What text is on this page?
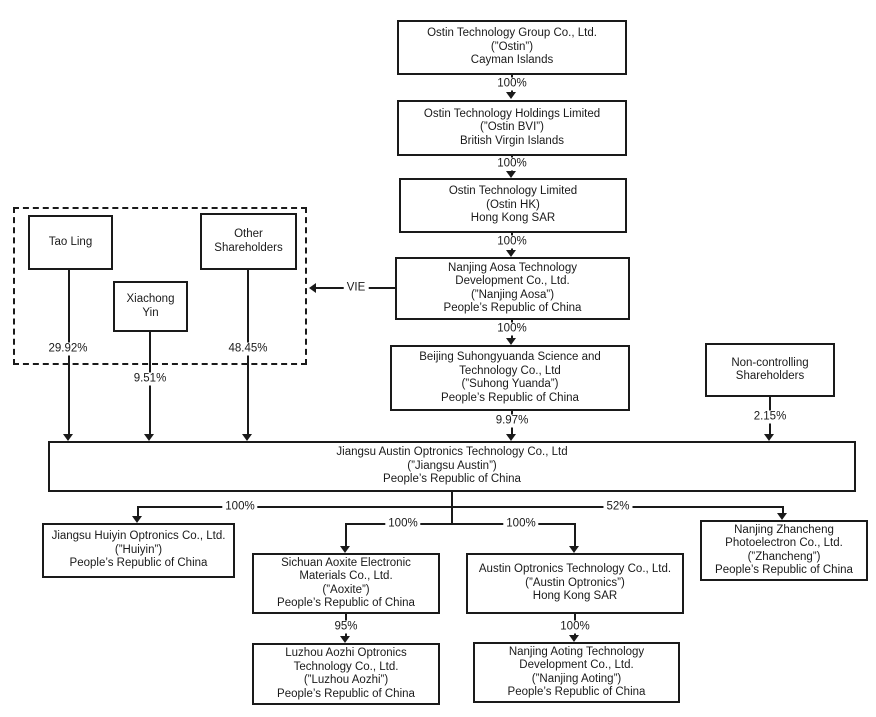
Ostin Technology Group Co., Ltd.
(”Ostin”)
Cayman Islands
Ostin Technology Holdings Limited
(”Ostin BVI”)
British Virgin Islands
Ostin Technology Limited
(Ostin HK)
Hong Kong SAR
Nanjing Aosa Technology
Development Co., Ltd.
(”Nanjing Aosa”)
People’s Republic of China
Beijing Suhongyuanda Science and
Technology Co., Ltd
(”Suhong Yuanda”)
People’s Republic of China
Tao Ling
Xiachong
Yin
Other
Shareholders
Non-controlling
Shareholders
Jiangsu Austin Optronics Technology Co., Ltd
(”Jiangsu Austin”)
People’s Republic of China
Jiangsu Huiyin Optronics Co., Ltd.
(”Huiyin”)
People’s Republic of China	Sichuan Aoxite Electronic
Materials Co., Ltd.
(”Aoxite”)
People’s Republic of China
Austin Optronics Technology Co., Ltd.
(”Austin Optronics”)
Hong Kong SAR
Nanjing Zhancheng
Photoelectron Co., Ltd.
(”Zhancheng”)
People’s Republic of China
Luzhou Aozhi Optronics
Technology Co., Ltd.
(”Luzhou Aozhi”)
People’s Republic of China
Nanjing Aoting Technology
Development Co., Ltd.
(”Nanjing Aoting”)
People’s Republic of China
100%
100%
100%
100%
9.97%
VIE
29.92%
9.51%
48.45%
2.15%
100%	52%
100%	100%
95%	100%
